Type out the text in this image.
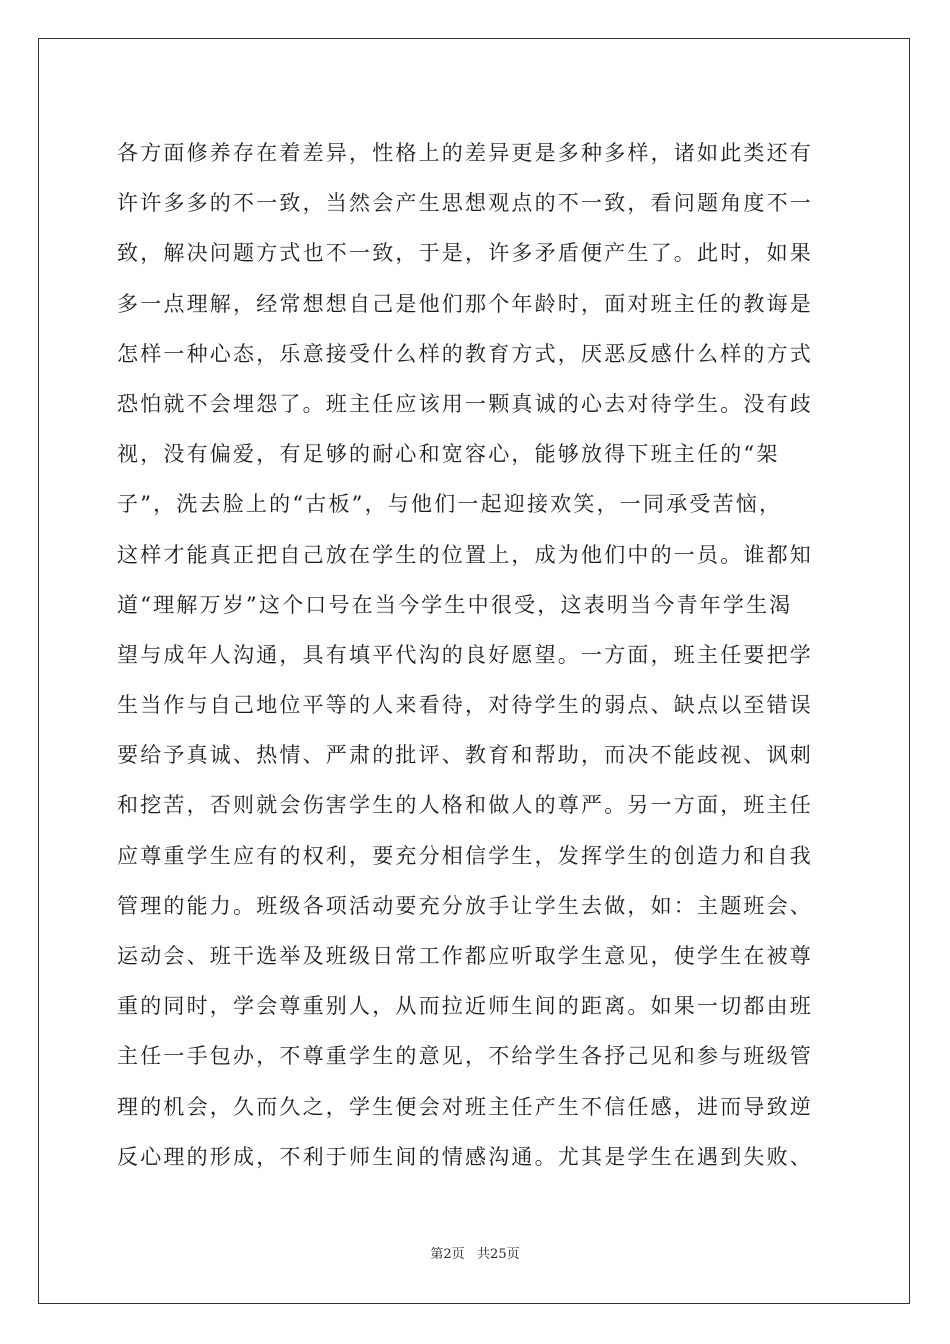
各方面修养存在着差异，性格上的差异更是多种多样，诸如此类还有
许许多多的不一致，当然会产生思想观点的不一致，看问题角度不一
致，解决问题方式也不一致，于是，许多矛盾便产生了。此时，如果
多一点理解，经常想想自己是他们那个年龄时，面对班主任的教诲是
怎样一种心态，乐意接受什么样的教育方式，厌恶反感什么样的方式
恐怕就不会埋怨了。班主任应该用一颗真诚的心去对待学生。没有歧
视，没有偏爱，有足够的耐心和宽容心，能够放得下班主任的“架
子”，洗去脸上的“古板”，与他们一起迎接欢笑，一同承受苦恼，
这样才能真正把自己放在学生的位置上，成为他们中的一员。谁都知
道“理解万岁”这个口号在当今学生中很受，这表明当今青年学生渴
望与成年人沟通，具有填平代沟的良好愿望。一方面，班主任要把学
生当作与自己地位平等的人来看待，对待学生的弱点、缺点以至错误
要给予真诚、热情、严肃的批评、教育和帮助，而决不能歧视、讽刺
和挖苦，否则就会伤害学生的人格和做人的尊严。另一方面，班主任
应尊重学生应有的权利，要充分相信学生，发挥学生的创造力和自我
管理的能力。班级各项活动要充分放手让学生去做，如：主题班会、
运动会、班干选举及班级日常工作都应听取学生意见，使学生在被尊
重的同时，学会尊重别人，从而拉近师生间的距离。如果一切都由班
主任一手包办，不尊重学生的意见，不给学生各抒己见和参与班级管
理的机会，久而久之，学生便会对班主任产生不信任感，进而导致逆
反心理的形成，不利于师生间的情感沟通。尤其是学生在遇到失败、
第2页   共25页
